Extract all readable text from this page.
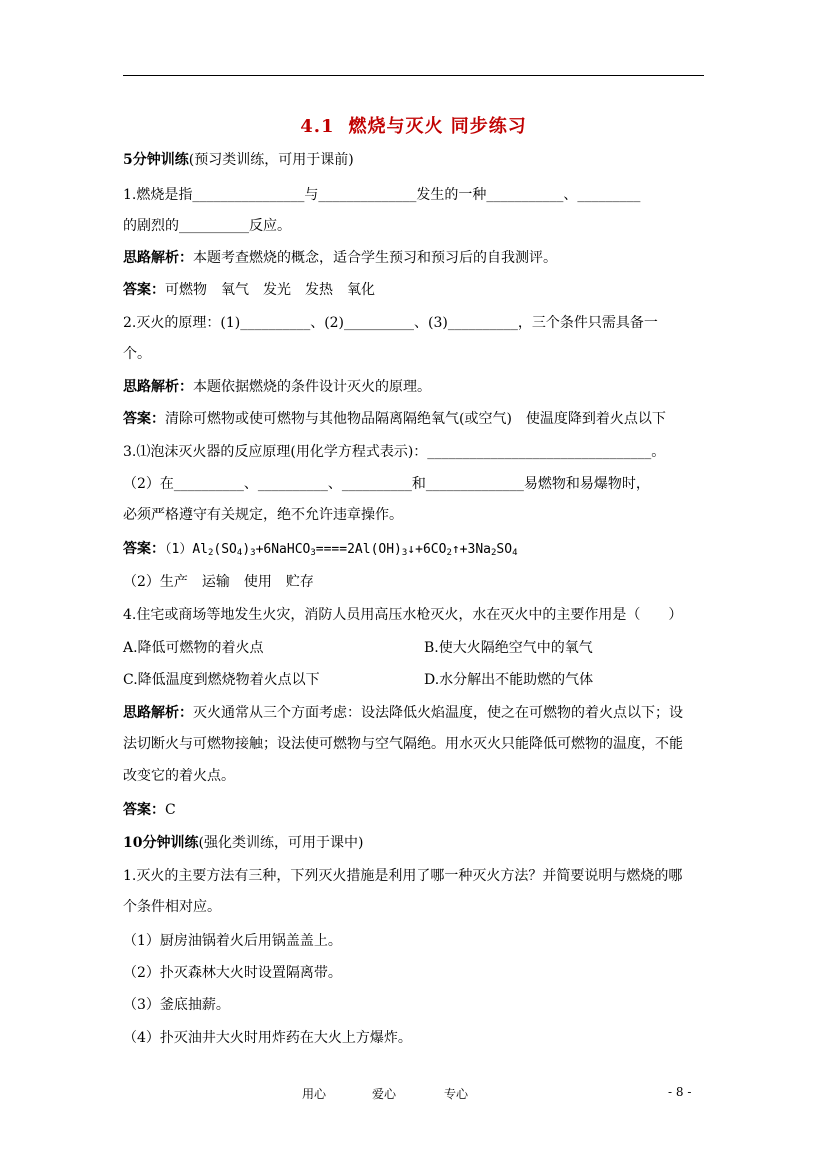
4.1 燃烧与灭火 同步练习
5分钟训练(预习类训练，可用于课前)
1.燃烧是指________________与______________发生的一种___________、_________
的剧烈的__________反应。
思路解析：本题考查燃烧的概念，适合学生预习和预习后的自我测评。
答案：可燃物　氧气　发光　发热　氧化
2.灭火的原理：(1)__________、(2)__________、(3)__________，三个条件只需具备一
个。
思路解析：本题依据燃烧的条件设计灭火的原理。
答案：清除可燃物或使可燃物与其他物品隔离隔绝氧气(或空气)　使温度降到着火点以下
3.⑴泡沫灭火器的反应原理(用化学方程式表示)：________________________________。
（2）在__________、__________、__________和______________易燃物和易爆物时，
必须严格遵守有关规定，绝不允许违章操作。
答案：$(1)Al_2(SO_4)_3+6NaHCO_3====2Al(OH)_3↓+6CO_2↑+3Na_2SO_4$
（2）生产　运输　使用　贮存
4.住宅或商场等地发生火灾，消防人员用高压水枪灭火，水在灭火中的主要作用是（　　）
A.降低可燃物的着火点	B.使大火隔绝空气中的氧气
C.降低温度到燃烧物着火点以下	D.水分解出不能助燃的气体
思路解析：灭火通常从三个方面考虑：设法降低火焰温度，使之在可燃物的着火点以下；设
法切断火与可燃物接触；设法使可燃物与空气隔绝。用水灭火只能降低可燃物的温度，不能
改变它的着火点。
答案：C
10分钟训练(强化类训练，可用于课中)
1.灭火的主要方法有三种，下列灭火措施是利用了哪一种灭火方法？并简要说明与燃烧的哪
个条件相对应。
（1）厨房油锅着火后用锅盖盖上。
（2）扑灭森林大火时设置隔离带。
（3）釜底抽薪。
（4）扑灭油井大火时用炸药在大火上方爆炸。
用心	爱心	专心	- 8 -
